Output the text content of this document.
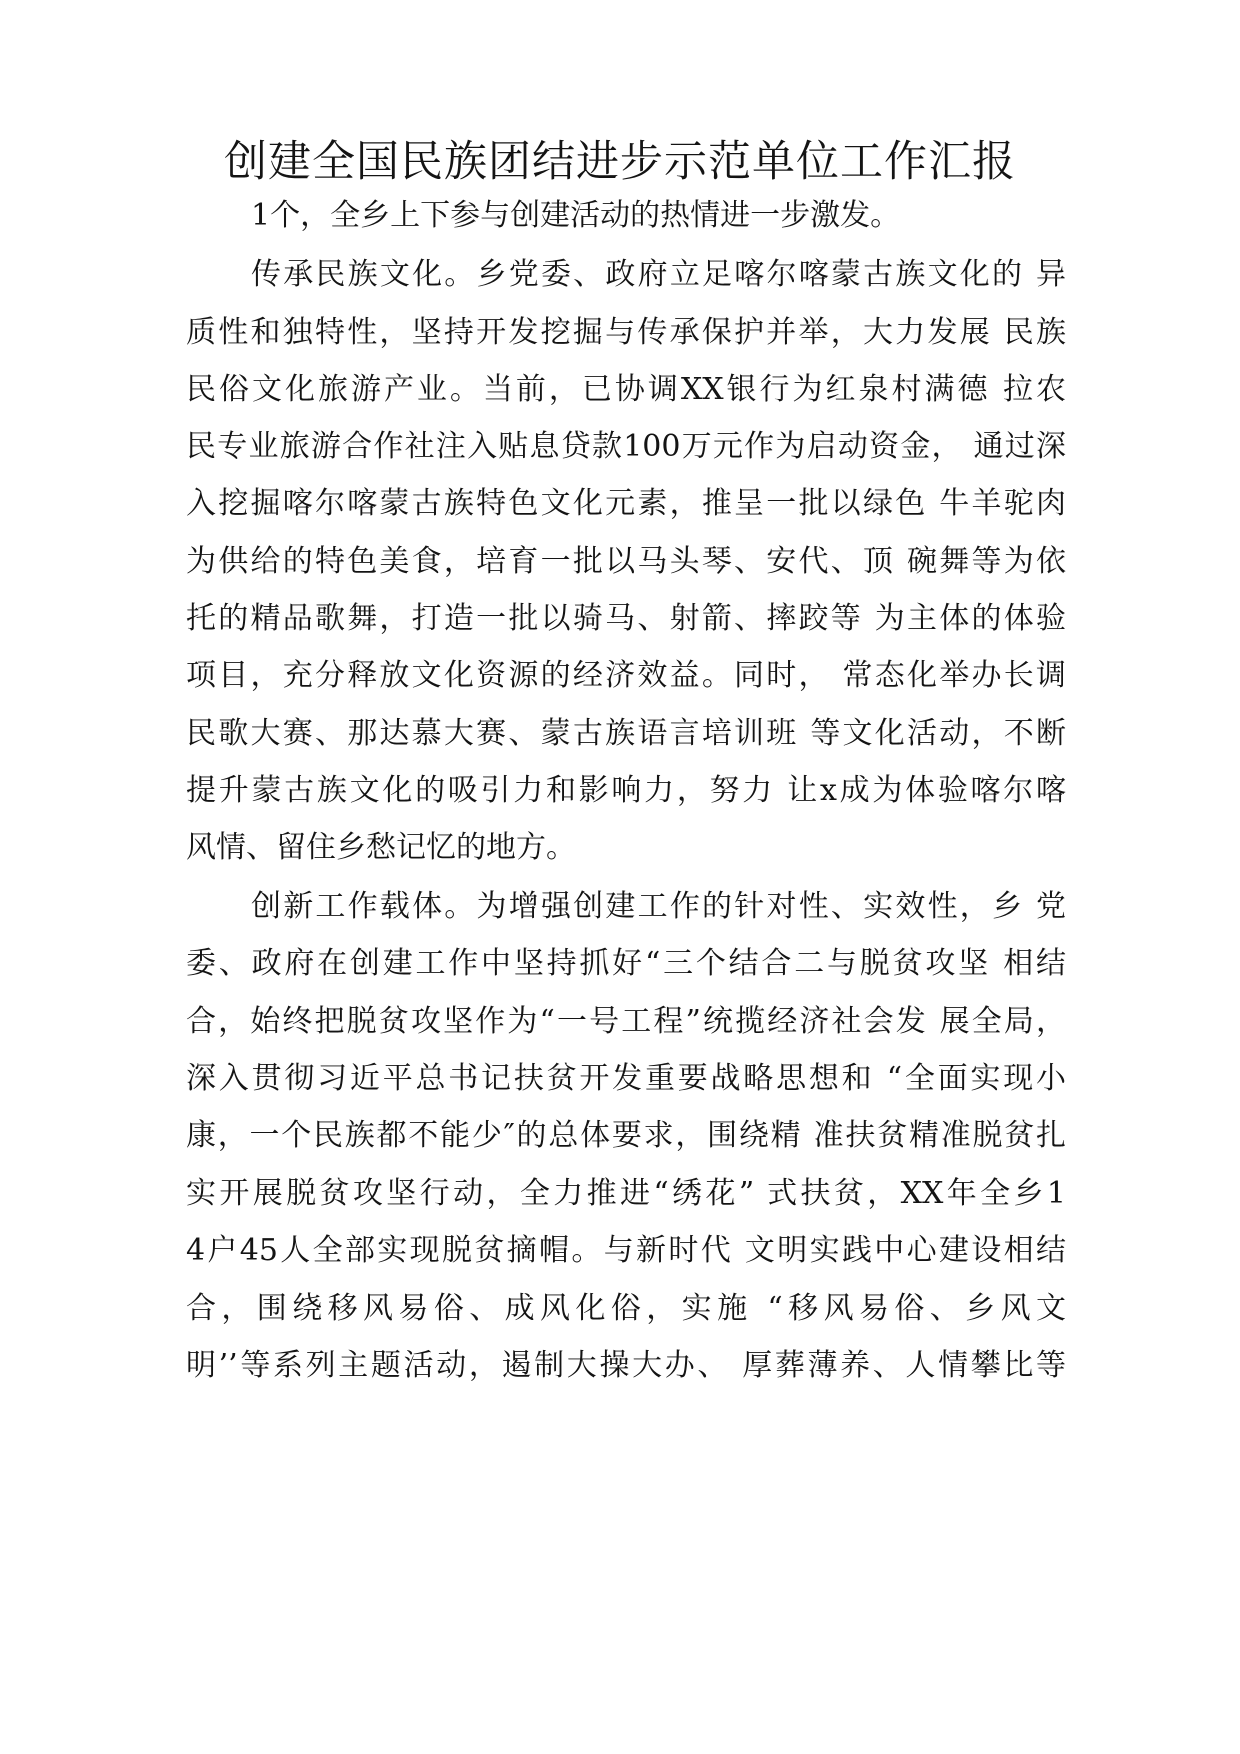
创建全国民族团结进步示范单位工作汇报

1个，全乡上下参与创建活动的热情进一步激发。

传承民族文化。乡党委、政府立足喀尔喀蒙古族文化的 异

质性和独特性，坚持开发挖掘与传承保护并举，大力发展 民族

民俗文化旅游产业。当前，已协调XX银行为红泉村满德 拉农

民专业旅游合作社注入贴息贷款100万元作为启动资金， 通过深

入挖掘喀尔喀蒙古族特色文化元素，推呈一批以绿色 牛羊驼肉

为供给的特色美食，培育一批以马头琴、安代、顶 碗舞等为依

托的精品歌舞，打造一批以骑马、射箭、摔跤等 为主体的体验

项目，充分释放文化资源的经济效益。同时， 常态化举办长调

民歌大赛、那达慕大赛、蒙古族语言培训班 等文化活动，不断

提升蒙古族文化的吸引力和影响力，努力 让x成为体验喀尔喀

风情、留住乡愁记忆的地方。

创新工作载体。为增强创建工作的针对性、实效性，乡 党

委、政府在创建工作中坚持抓好“三个结合二与脱贫攻坚 相结

合，始终把脱贫攻坚作为“一号工程”统揽经济社会发 展全局，

深入贯彻习近平总书记扶贫开发重要战略思想和 “全面实现小

康，一个民族都不能少″的总体要求，围绕精 准扶贫精准脱贫扎

实开展脱贫攻坚行动，全力推进“绣花” 式扶贫，XX年全乡1

4户45人全部实现脱贫摘帽。与新时代 文明实践中心建设相结

合，围绕移风易俗、成风化俗，实施 “移风易俗、乡风文

明’’等系列主题活动，遏制大操大办、 厚葬薄养、人情攀比等
